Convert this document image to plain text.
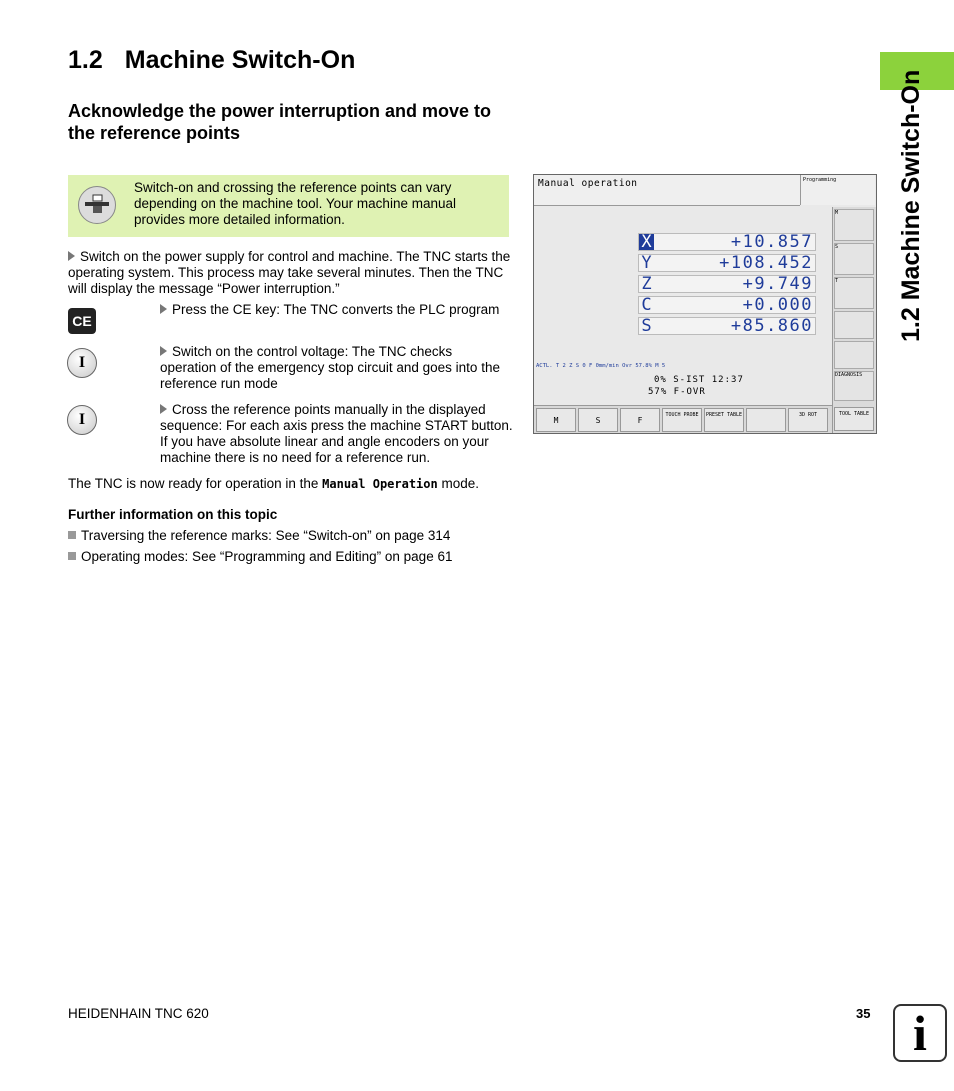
1.2 Machine Switch-On
1.2 Machine Switch-On
Acknowledge the power interruption and move to the reference points
Switch-on and crossing the reference points can vary depending on the machine tool. Your machine manual provides more detailed information.
Switch on the power supply for control and machine. The TNC starts the operating system. This process may take several minutes. Then the TNC will display the message “Power interruption.”
CE
Press the CE key: The TNC converts the PLC program
I
Switch on the control voltage: The TNC checks operation of the emergency stop circuit and goes into the reference run mode
I
Cross the reference points manually in the displayed sequence: For each axis press the machine START button. If you have absolute linear and angle encoders on your machine there is no need for a reference run.
The TNC is now ready for operation in the Manual Operation mode.
Further information on this topic
Traversing the reference marks: See “Switch-on” on page 314
Operating modes: See “Programming and Editing” on page 61
Manual operation	Programming
X	+10.857
Y	+108.452
Z	+9.749
C	+0.000
S	+85.860
ACTL. T 2 Z S 0 F 0mm/min Ovr 57.8% M 5
0% S-IST 12:37
57% F-OVR
M
S
T
DIAGNOSIS
M	S	F
TOUCH PROBE	PRESET TABLE	3D ROT	TOOL TABLE
HEIDENHAIN TNC 620	35 i
